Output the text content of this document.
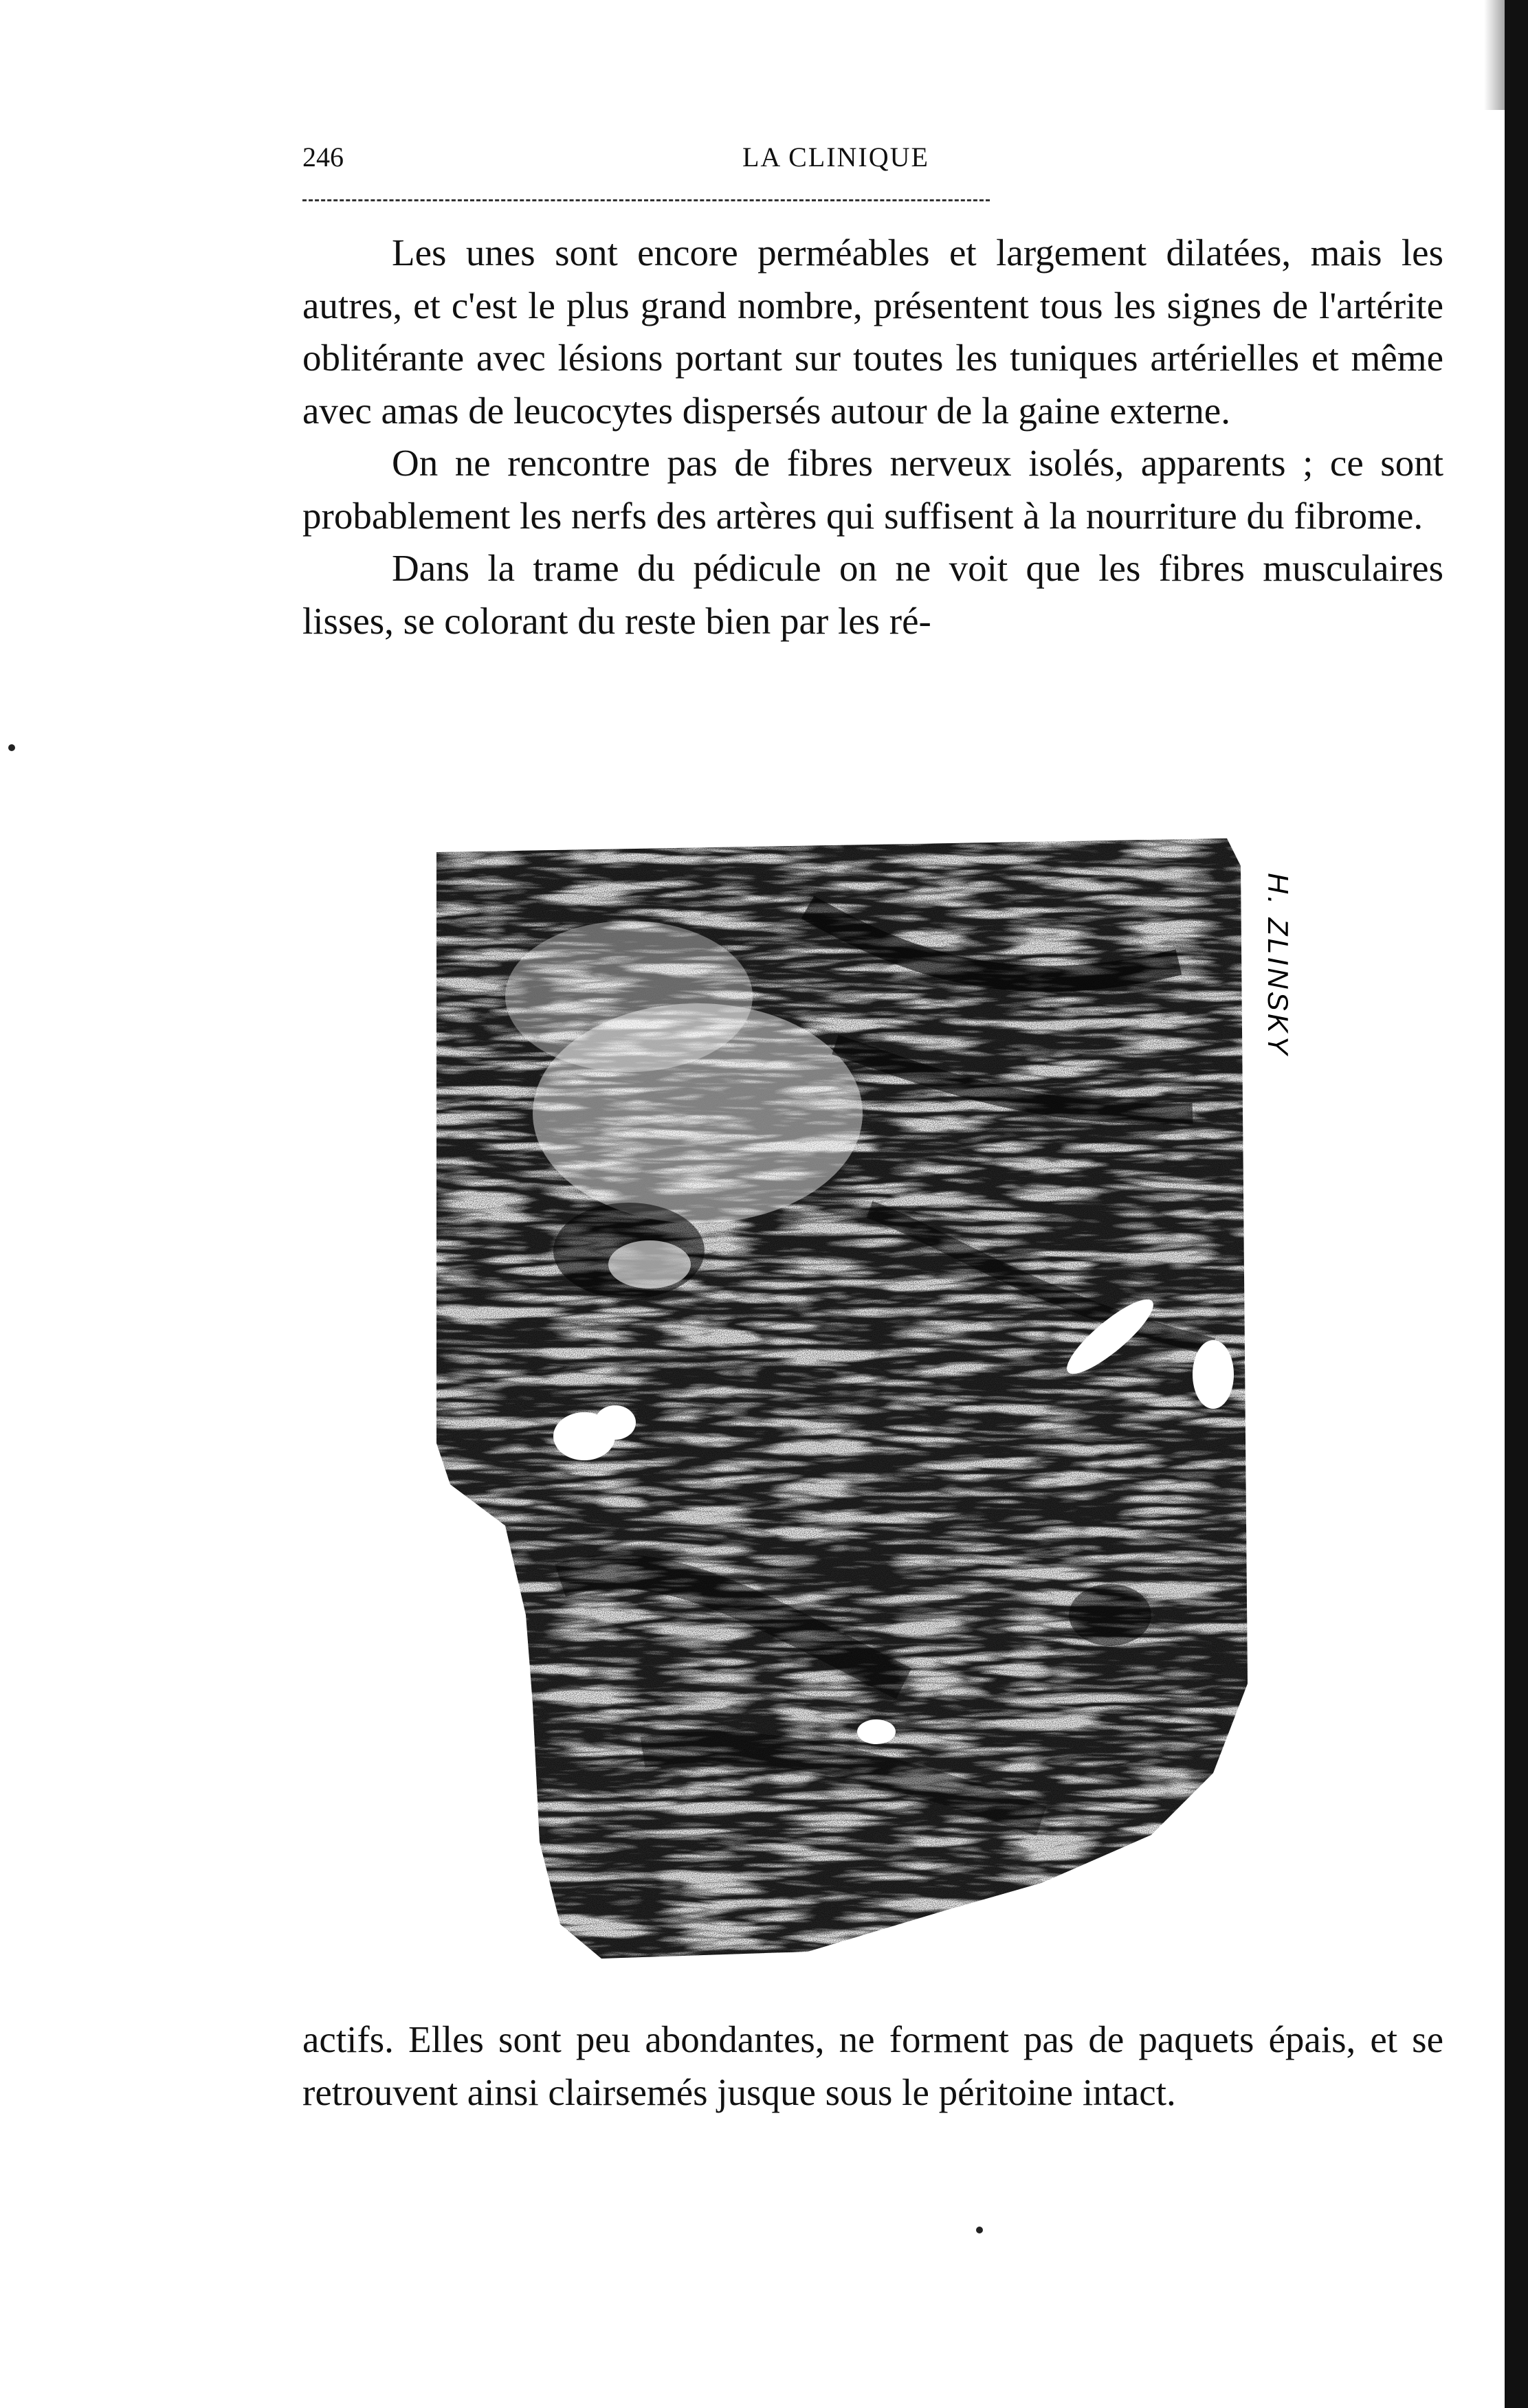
246	LA CLINIQUE

Les unes sont encore perméables et largement dilatées, mais les autres, et c'est le plus grand nombre, présentent tous les signes de l'artérite oblitérante avec lésions portant sur toutes les tuniques artérielles et même avec amas de leucocytes dispersés autour de la gaine externe.

On ne rencontre pas de fibres nerveux isolés, apparents ; ce sont probablement les nerfs des artères qui suffisent à la nourriture du fibrome.

Dans la trame du pédicule on ne voit que les fibres musculaires lisses, se colorant du reste bien par les ré-

H. ZLINSKY

actifs. Elles sont peu abondantes, ne forment pas de paquets épais, et se retrouvent ainsi clairsemés jusque sous le péritoine intact.
